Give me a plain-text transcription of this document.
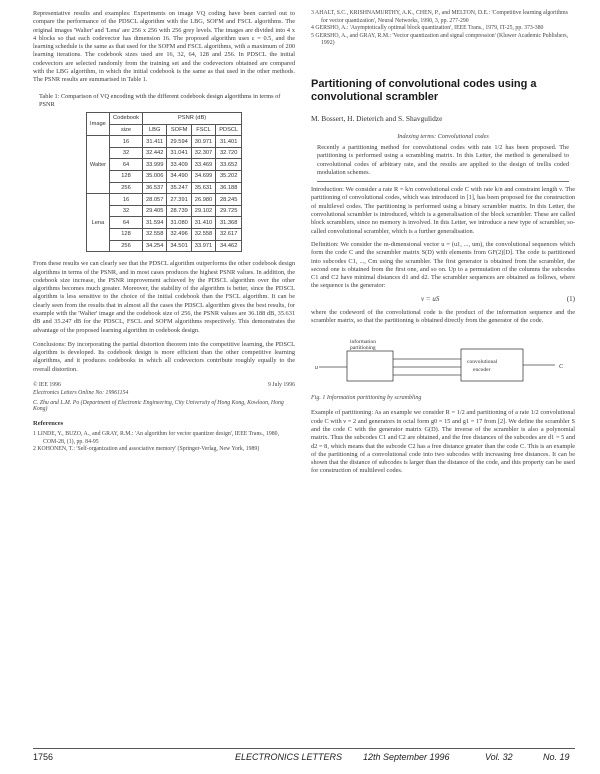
Representative results and examples: Experiments on image VQ coding have been carried out to compare the performance of the PDSCL algorithm with the LBG, SOFM and FSCL algorithms. The original images 'Walter' and 'Lena' are 256 x 256 with 256 grey levels. The images are divided into 4 x 4 blocks so that each codevector has dimension 16. The proposed algorithm uses ε = 0.5, and the learning schedule is the same as that used for the SOFM and FSCL algorithms, with a maximum of 200 learning iterations. The codebook sizes used are 16, 32, 64, 128 and 256. In PDSCL the initial codevectors are selected randomly from the training set and the codevectors obtained are compared with the LBG algorithm, in which the initial codebook is the same as that used in the other methods. The PSNR results are summarised in Table 1.

Table 1: Comparison of VQ encoding with the different codebook design algorithms in terms of PSNR

Image	Codebook	PSNR (dB)			
	size	LBG	SOFM	FSCL	PDSCL
Walter	16	31.411	29.594	30.971	31.401
	32	32.442	31.041	32.307	32.720
	64	33.999	33.409	33.469	33.652
	128	35.006	34.490	34.699	35.202
	256	36.537	35.247	35.631	36.188
Lena	16	28.057	27.391	26.980	28.245
	32	29.405	28.739	29.102	29.725
	64	31.594	31.080	31.410	31.368
	128	32.558	32.496	32.558	32.617
	256	34.254	34.501	33.971	34.462

From these results we can clearly see that the PDSCL algorithm outperforms the other codebook design algorithms in terms of the PSNR, and in most cases produces the highest PSNR values. In addition, the codebook size increase, the PSNR improvement achieved by the PDSCL algorithm over the other algorithms becomes much greater. Moreover, the stability of the algorithm is better, since the PDSCL algorithm is less sensitive to the choice of the initial codebook than the FSCL algorithm. It can be clearly seen from the results that in almost all the cases the PDSCL algorithm gives the best results, for example with the 'Walter' image and the codebook size of 256, the PSNR values are 36.188 dB, 35.631 dB and 35.247 dB for the PDSCL, FSCL and SOFM algorithms respectively. This demonstrates the advantage of the proposed learning algorithm in codebook design.

Conclusions: By incorporating the partial distortion theorem into the competitive learning, the PDSCL algorithm is developed. Its codebook design is more efficient than the other competitive learning algorithms, and it produces codebooks in which all codevectors contribute roughly equally to the overall distortion.

© IEE 1996	9 July 1996

Electronics Letters Online No: 19961154

C. Zhu and L.M. Po (Department of Electronic Engineering, City University of Hong Kong, Kowloon, Hong Kong)

References

1 LINDE, Y., BUZO, A., and GRAY, R.M.: 'An algorithm for vector quantizer design', IEEE Trans., 1980, COM-28, (1), pp. 84-95

2 KOHONEN, T.: 'Self-organization and associative memory' (Springer-Verlag, New York, 1989)

3 AHALT, S.C., KRISHNAMURTHY, A.K., CHEN, P., and MELTON, D.E.: 'Competitive learning algorithms for vector quantization', Neural Networks, 1990, 3, pp. 277-290

4 GERSHO, A.: 'Asymptotically optimal block quantization', IEEE Trans., 1979, IT-25, pp. 373-380

5 GERSHO, A., and GRAY, R.M.: 'Vector quantization and signal compression' (Kluwer Academic Publishers, 1992)

Partitioning of convolutional codes using a convolutional scrambler

M. Bossert, H. Dieterich and S. Shavgulidze

Indexing terms: Convolutional codes

Recently a partitioning method for convolutional codes with rate 1/2 has been proposed. The partitioning is performed using a scrambling matrix. In this Letter, the method is generalised to convolutional codes of arbitrary rate, and the results are applied to the design of trellis coded modulation schemes.

Introduction: We consider a rate R = k/n convolutional code C with rate k/n and constraint length ν. The partitioning of convolutional codes, which was introduced in [1], has been proposed for the construction of multilevel codes. The partitioning is performed using a binary scrambler matrix. In this Letter, the convolutional scrambler is introduced, which is a generalisation of the block scrambler. These are called block scramblers, since no memory is involved. In this Letter, we introduce a new type of scrambler, so-called convolutional scrambler, which is a further generalisation.

Definition: We consider the m-dimensional vector u = (u1, ..., um), the convolutional sequences which form the code C and the scrambler matrix S(D) with elements from GF(2)[D]. The code is partitioned into subcodes C1, ..., Cm using the scrambler. The first generator is obtained from the scrambler, the second one is obtained from the first one, and so on. Up to a permutation of the columns the subcodes C1 and C2 have minimal distances d1 and d2. The scrambler sequences are obtained as follows, where the sequence is the generator:

v = uS	(1)

where the codeword of the convolutional code is the product of the information sequence and the scrambler matrix, so that the partitioning is obtained directly from the generator of the code.

u
information
partitioning
convolutional
encoder	C

Fig. 1 Information partitioning by scrambling

Example of partitioning: As an example we consider R = 1/2 and partitioning of a rate 1/2 convolutional code C with ν = 2 and generators in octal form g0 = 15 and g1 = 17 from [2]. We define the scrambler S and the code C with the generator matrix G(D). The inverse of the scrambler is also a polynomial matrix. Thus the subcodes C1 and C2 are obtained, and the free distances of the subcodes are d1 = 5 and d2 = 8, which means that the subcode C2 has a free distance greater than the code C. This is an example of the partitioning of a convolutional code into two subcodes with increasing free distances. It can be shown that the distance of subcodes is larger than the distance of the code, and this property can be used for construction of multilevel codes.

1756	ELECTRONICS LETTERS 12th September 1996	Vol. 32	No. 19
